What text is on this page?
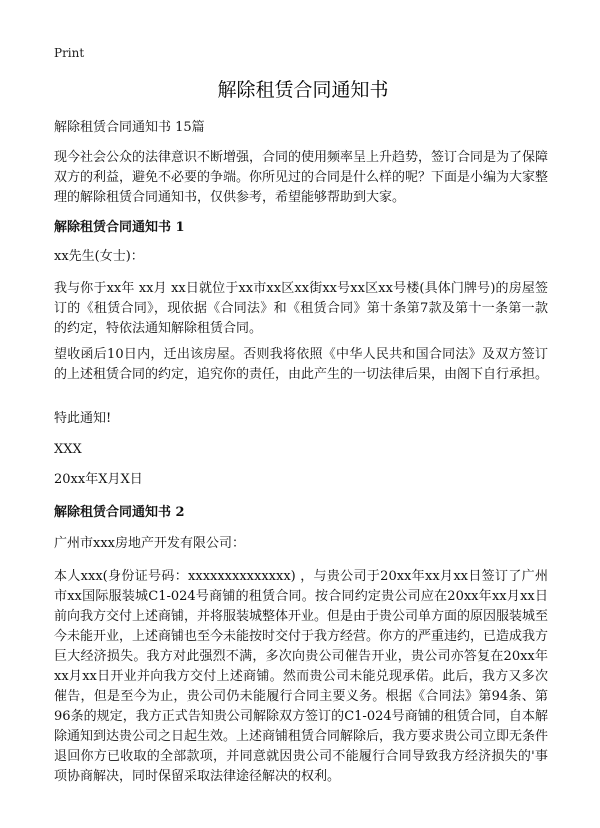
Print
解除租赁合同通知书
解除租赁合同通知书 15篇

现今社会公众的法律意识不断增强，合同的使用频率呈上升趋势，签订合同是为了保障双方的利益，避免不必要的争端。你所见过的合同是什么样的呢？下面是小编为大家整理的解除租赁合同通知书，仅供参考，希望能够帮助到大家。

解除租赁合同通知书 1
xx先生(女士)：

我与你于xx年 xx月 xx日就位于xx市xx区xx街xx号xx区xx号楼(具体门牌号)的房屋签订的《租赁合同》，现依据《合同法》和《租赁合同》第十条第7款及第十一条第一款的约定，特依法通知解除租赁合同。

望收函后10日内，迁出该房屋。否则我将依照《中华人民共和国合同法》及双方签订的上述租赁合同的约定，追究你的责任，由此产生的一切法律后果，由阁下自行承担。

特此通知!
XXX
20xx年X月X日
解除租赁合同通知书 2
广州市xxx房地产开发有限公司：

本人xxx(身份证号码：xxxxxxxxxxxxxx) ，与贵公司于20xx年xx月xx日签订了广州市xx国际服装城C1-024号商铺的租赁合同。按合同约定贵公司应在20xx年xx月xx日前向我方交付上述商铺，并将服装城整体开业。但是由于贵公司单方面的原因服装城至今未能开业，上述商铺也至今未能按时交付于我方经营。你方的严重违约，已造成我方巨大经济损失。我方对此强烈不满，多次向贵公司催告开业，贵公司亦答复在20xx年xx月xx日开业并向我方交付上述商铺。然而贵公司未能兑现承偌。此后，我方又多次催告，但是至今为止，贵公司仍未能履行合同主要义务。根据《合同法》第94条、第96条的规定，我方正式告知贵公司解除双方签订的C1-024号商铺的租赁合同，自本解除通知到达贵公司之日起生效。上述商铺租赁合同解除后，我方要求贵公司立即无条件退回你方已收取的全部款项，并同意就因贵公司不能履行合同导致我方经济损失的'事项协商解决，同时保留采取法律途径解决的权利。
